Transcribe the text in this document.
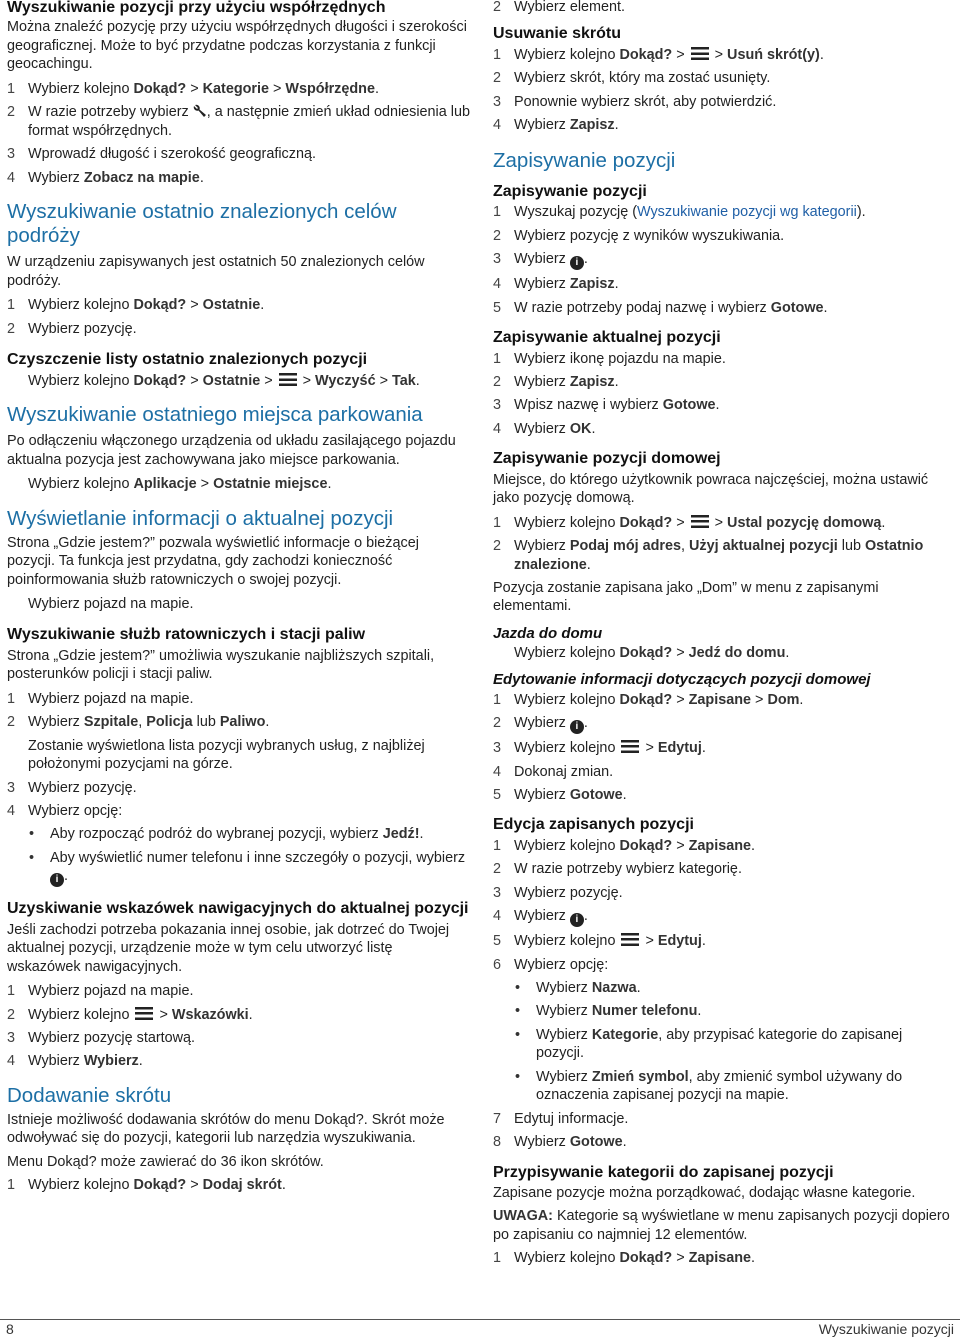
Wyszukiwanie pozycji przy użyciu współrzędnych

Można znaleźć pozycję przy użyciu współrzędnych długości i szerokości geograficznej. Może to być przydatne podczas korzystania z funkcji geocachingu.

1 Wybierz kolejno Dokąd? > Kategorie > Współrzędne.
2 W razie potrzeby wybierz , a następnie zmień układ odniesienia lub format współrzędnych.
3 Wprowadź długość i szerokość geograficzną.
4 Wybierz Zobacz na mapie.
Wyszukiwanie ostatnio znalezionych celów podróży

W urządzeniu zapisywanych jest ostatnich 50 znalezionych celów podróży.

1 Wybierz kolejno Dokąd? > Ostatnie.
2 Wybierz pozycję.
Czyszczenie listy ostatnio znalezionych pozycji

Wybierz kolejno Dokąd? > Ostatnie >  > Wyczyść > Tak.

Wyszukiwanie ostatniego miejsca parkowania

Po odłączeniu włączonego urządzenia od układu zasilającego pojazdu aktualna pozycja jest zachowywana jako miejsce parkowania.

Wybierz kolejno Aplikacje > Ostatnie miejsce.

Wyświetlanie informacji o aktualnej pozycji

Strona „Gdzie jestem?” pozwala wyświetlić informacje o bieżącej pozycji. Ta funkcja jest przydatna, gdy zachodzi konieczność poinformowania służb ratowniczych o swojej pozycji.

Wybierz pojazd na mapie.

Wyszukiwanie służb ratowniczych i stacji paliw

Strona „Gdzie jestem?” umożliwia wyszukanie najbliższych szpitali, posterunków policji i stacji paliw.

1 Wybierz pojazd na mapie.
2 Wybierz Szpitale, Policja lub Paliwo.

Zostanie wyświetlona lista pozycji wybranych usług, z najbliżej położonymi pozycjami na górze.

3 Wybierz pozycję.
4 Wybierz opcję:
• Aby rozpocząć podróż do wybranej pozycji, wybierz Jedź!.
• Aby wyświetlić numer telefonu i inne szczegóły o pozycji, wybierz i .
Uzyskiwanie wskazówek nawigacyjnych do aktualnej pozycji

Jeśli zachodzi potrzeba pokazania innej osobie, jak dotrzeć do Twojej aktualnej pozycji, urządzenie może w tym celu utworzyć listę wskazówek nawigacyjnych.

1 Wybierz pojazd na mapie.
2 Wybierz kolejno  > Wskazówki.
3 Wybierz pozycję startową.
4 Wybierz Wybierz.
Dodawanie skrótu

Istnieje możliwość dodawania skrótów do menu Dokąd?. Skrót może odwoływać się do pozycji, kategorii lub narzędzia wyszukiwania.

Menu Dokąd? może zawierać do 36 ikon skrótów.

1 Wybierz kolejno Dokąd? > Dodaj skrót.
2 Wybierz element.
Usuwanie skrótu
1 Wybierz kolejno Dokąd? >  > Usuń skrót(y).
2 Wybierz skrót, który ma zostać usunięty.
3 Ponownie wybierz skrót, aby potwierdzić.
4 Wybierz Zapisz.
Zapisywanie pozycji
Zapisywanie pozycji
1 Wyszukaj pozycję (Wyszukiwanie pozycji wg kategorii).
2 Wybierz pozycję z wyników wyszukiwania.
3 Wybierz i .
4 Wybierz Zapisz.
5 W razie potrzeby podaj nazwę i wybierz Gotowe.
Zapisywanie aktualnej pozycji
1 Wybierz ikonę pojazdu na mapie.
2 Wybierz Zapisz.
3 Wpisz nazwę i wybierz Gotowe.
4 Wybierz OK.
Zapisywanie pozycji domowej

Miejsce, do którego użytkownik powraca najczęściej, można ustawić jako pozycję domową.

1 Wybierz kolejno Dokąd? >  > Ustal pozycję domową.
2 Wybierz Podaj mój adres, Użyj aktualnej pozycji lub Ostatnio znalezione.

Pozycja zostanie zapisana jako „Dom” w menu z zapisanymi elementami.

Jazda do domu

Wybierz kolejno Dokąd? > Jedź do domu.

Edytowanie informacji dotyczących pozycji domowej
1 Wybierz kolejno Dokąd? > Zapisane > Dom.
2 Wybierz i .
3 Wybierz kolejno  > Edytuj.
4 Dokonaj zmian.
5 Wybierz Gotowe.
Edycja zapisanych pozycji
1 Wybierz kolejno Dokąd? > Zapisane.
2 W razie potrzeby wybierz kategorię.
3 Wybierz pozycję.
4 Wybierz i .
5 Wybierz kolejno  > Edytuj.
6 Wybierz opcję:
• Wybierz Nazwa.
• Wybierz Numer telefonu.
• Wybierz Kategorie, aby przypisać kategorie do zapisanej pozycji.
• Wybierz Zmień symbol, aby zmienić symbol używany do oznaczenia zapisanej pozycji na mapie.
7 Edytuj informacje.
8 Wybierz Gotowe.
Przypisywanie kategorii do zapisanej pozycji

Zapisane pozycje można porządkować, dodając własne kategorie.

UWAGA: Kategorie są wyświetlane w menu zapisanych pozycji dopiero po zapisaniu co najmniej 12 elementów.

1 Wybierz kolejno Dokąd? > Zapisane.
8	Wyszukiwanie pozycji
